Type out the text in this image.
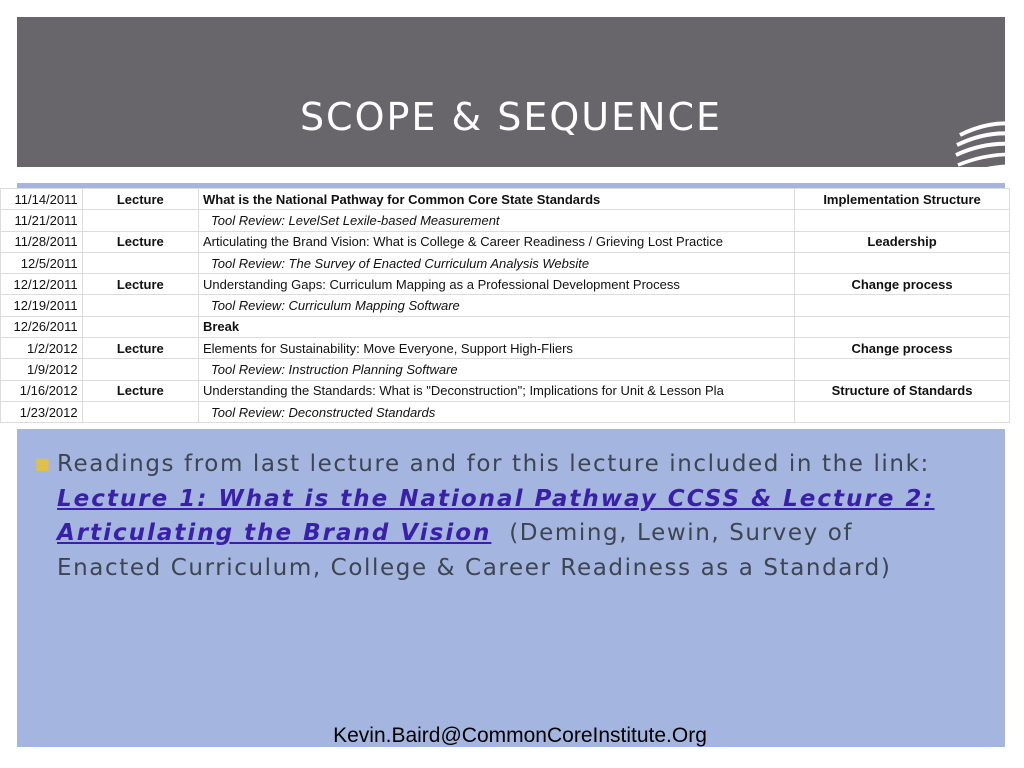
SCOPE & SEQUENCE
11/14/2011	Lecture	What is the National Pathway for Common Core State Standards	Implementation Structure
11/21/2011		Tool Review: LevelSet Lexile-based Measurement	
11/28/2011	Lecture	Articulating the Brand Vision: What is College & Career Readiness / Grieving Lost Practice	Leadership
12/5/2011		Tool Review: The Survey of Enacted Curriculum Analysis Website	
12/12/2011	Lecture	Understanding Gaps: Curriculum Mapping as a Professional Development Process	Change process
12/19/2011		Tool Review: Curriculum Mapping Software	
12/26/2011		Break	
1/2/2012	Lecture	Elements for Sustainability: Move Everyone, Support High-Fliers	Change process
1/9/2012		Tool Review: Instruction Planning Software	
1/16/2012	Lecture	Understanding the Standards: What is "Deconstruction"; Implications for Unit & Lesson Pla	Structure of Standards
1/23/2012		Tool Review: Deconstructed Standards	
■ Readings from last lecture and for this lecture included in the link:  Lecture 1: What is the National Pathway CCSS & Lecture 2: Articulating the Brand Vision (Deming, Lewin, Survey of Enacted Curriculum, College & Career Readiness as a Standard)
Kevin.Baird@CommonCoreInstitute.Org
